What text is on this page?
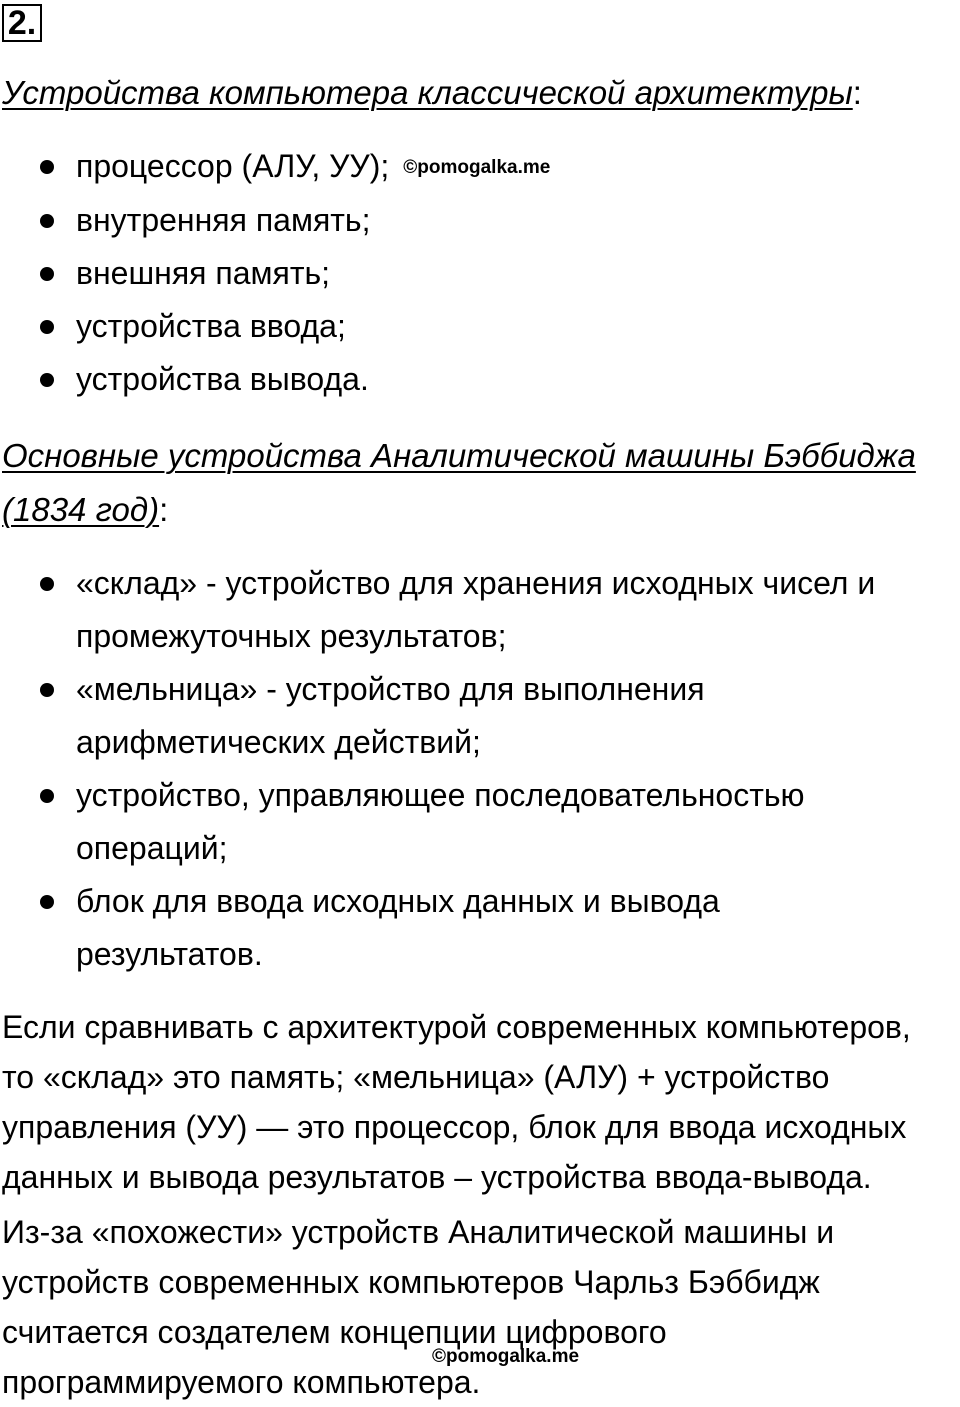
2.
Устройства компьютера классической архитектуры:
процессор (АЛУ, УУ); ©pomogalka.me
внутренняя память;
внешняя память;
устройства ввода;
устройства вывода.
Основные устройства Аналитической машины Бэббиджа
(1834 год):
«склад» - устройство для хранения исходных чисел и
промежуточных результатов;
«мельница» - устройство для выполнения
арифметических действий;
устройство, управляющее последовательностью
операций;
блок для ввода исходных данных и вывода
результатов.
Если сравнивать с архитектурой современных компьютеров,
то «склад» это память; «мельница» (АЛУ) + устройство
управления (УУ) — это процессор, блок для ввода исходных
данных и вывода результатов – устройства ввода-вывода.
Из-за «похожести» устройств Аналитической машины и
устройств современных компьютеров Чарльз Бэббидж
считается создателем концепции цифрового
программируемого компьютера.
©pomogalka.me
